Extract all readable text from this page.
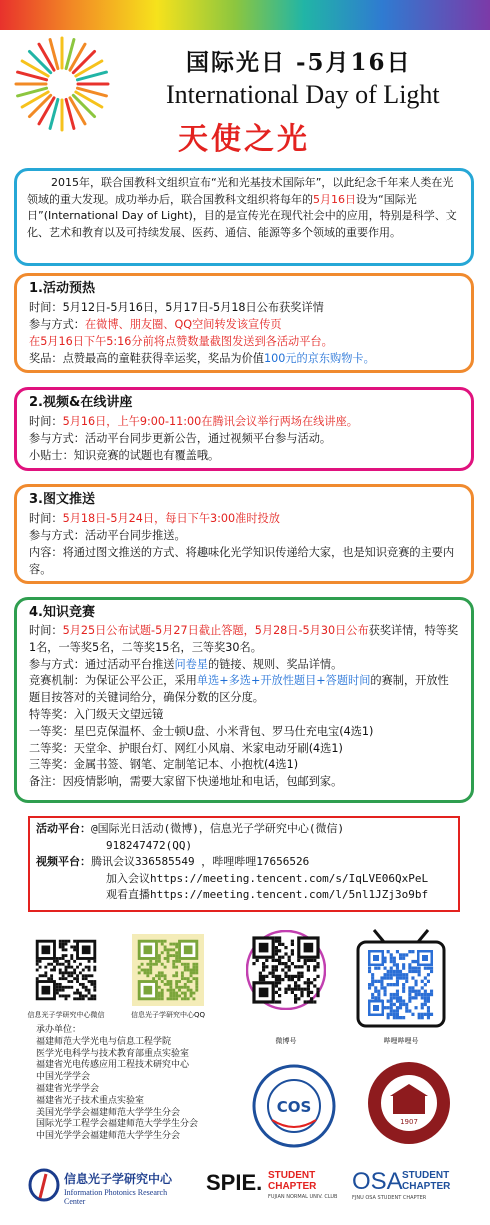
国际光日 -5月16日
International Day of Light
天使之光
2015年，联合国教科文组织宣布“光和光基技术国际年”，以此纪念千年来人类在光领域的重大发现。成功举办后，联合国教科文组织将每年的5月16日设为“国际光日”(International Day of Light)，目的是宣传光在现代社会中的应用，特别是科学、文化、艺术和教育以及可持续发展、医药、通信、能源等多个领域的重要作用。
1.活动预热
时间：5月12日-5月16日，5月17日-5月18日公布获奖详情
参与方式：在微博、朋友圈、QQ空间转发该宣传页
在5月16日下午5:16分前将点赞数量截图发送到各活动平台。
奖品：点赞最高的童鞋获得幸运奖，奖品为价值100元的京东购物卡。
2.视频&在线讲座
时间：5月16日，上午9:00-11:00在腾讯会议举行两场在线讲座。
参与方式：活动平台同步更新公告，通过视频平台参与活动。
小贴士：知识竞赛的试题也有覆盖哦。
3.图文推送
时间：5月18日-5月24日，每日下午3:00准时投放
参与方式：活动平台同步推送。
内容：将通过图文推送的方式、将趣味化光学知识传递给大家，也是知识竞赛的主要内容。
4.知识竞赛
时间：5月25日公布试题-5月27日截止答题，5月28日-5月30日公布获奖详情，特等奖1名，一等奖5名，二等奖15名，三等奖30名。
参与方式：通过活动平台推送问卷星的链接、规则、奖品详情。
竞赛机制：为保证公平公正，采用单选+多选+开放性题目+答题时间的赛制，开放性题目按答对的关键词给分，确保分数的区分度。
特等奖：入门级天文望远镜
一等奖：星巴克保温杯、金士顿U盘、小米背包、罗马仕充电宝(4选1)
二等奖：天堂伞、护眼台灯、网红小风扇、米家电动牙刷(4选1)
三等奖：金属书签、钢笔、定制笔记本、小抱枕(4选1)
备注：因疫情影响，需要大家留下快递地址和电话，包邮到家。
活动平台：@国际光日活动(微博)，信息光子学研究中心(微信)
918247472(QQ)
视频平台：腾讯会议336585549 ，哔哩哔哩17656526
加入会议https://meeting.tencent.com/s/IqLVE06QxPeL
观看直播https://meeting.tencent.com/l/5nl1JZj3o9bf
信息光子学研究中心微信	信息光子学研究中心QQ
微博号	哔哩哔哩号
承办单位：
福建师范大学光电与信息工程学院
医学光电科学与技术教育部重点实验室
福建省光电传感应用工程技术研究中心
中国光学学会
福建省光学学会
福建省光子技术重点实验室
美国光学学会福建师范大学学生分会
国际光学工程学会福建师范大学学生分会
中国光学学会福建师范大学学生分会
COS
1907
信息光子学研究中心
Information Photonics Research Center
SPIE. STUDENT
CHAPTER
FUJIAN NORMAL UNIV. CLUB
OSA STUDENT
CHAPTER
FJNU OSA STUDENT CHAPTER
